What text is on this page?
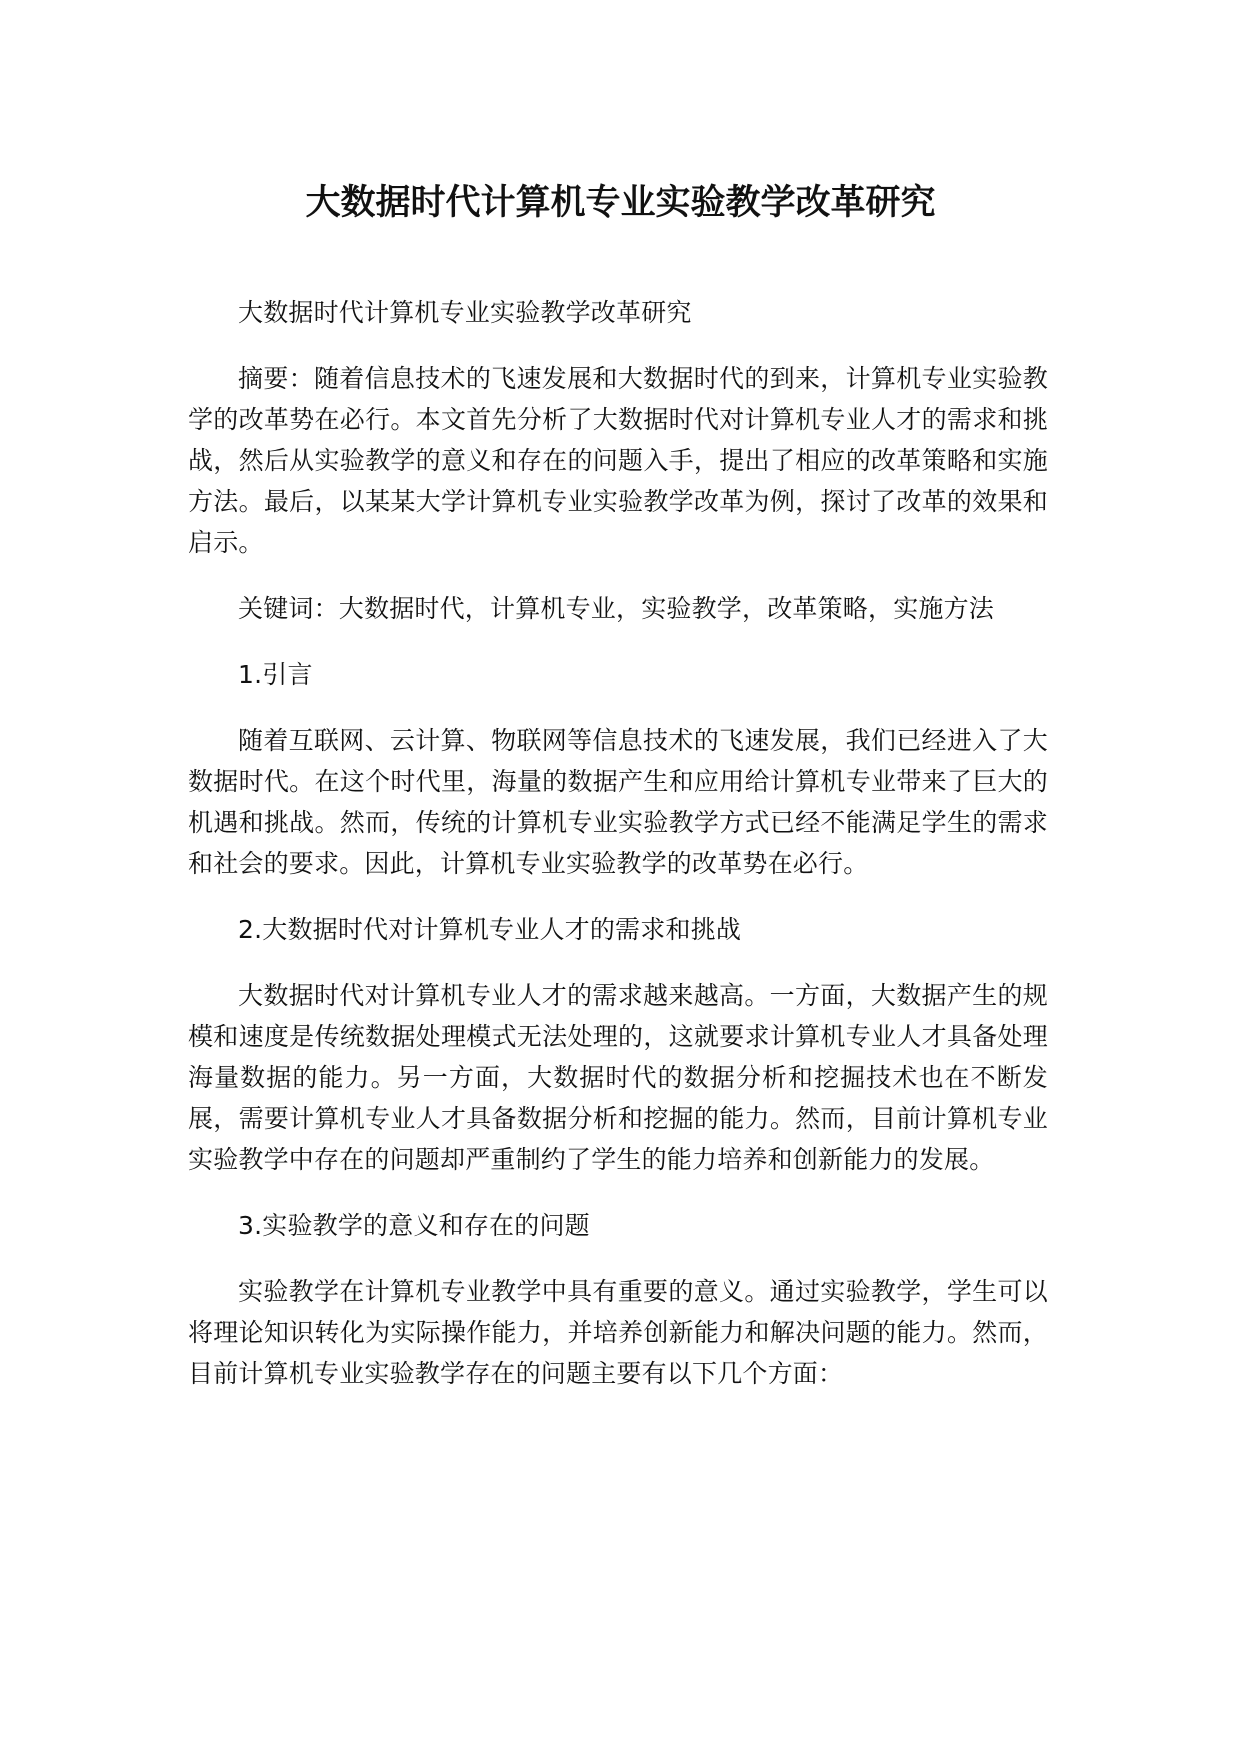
大数据时代计算机专业实验教学改革研究

大数据时代计算机专业实验教学改革研究

摘要：随着信息技术的飞速发展和大数据时代的到来，计算机专业实验教学的改革势在必行。本文首先分析了大数据时代对计算机专业人才的需求和挑战，然后从实验教学的意义和存在的问题入手，提出了相应的改革策略和实施方法。最后，以某某大学计算机专业实验教学改革为例，探讨了改革的效果和启示。

关键词：大数据时代，计算机专业，实验教学，改革策略，实施方法

1.引言

随着互联网、云计算、物联网等信息技术的飞速发展，我们已经进入了大数据时代。在这个时代里，海量的数据产生和应用给计算机专业带来了巨大的机遇和挑战。然而，传统的计算机专业实验教学方式已经不能满足学生的需求和社会的要求。因此，计算机专业实验教学的改革势在必行。

2.大数据时代对计算机专业人才的需求和挑战

大数据时代对计算机专业人才的需求越来越高。一方面，大数据产生的规模和速度是传统数据处理模式无法处理的，这就要求计算机专业人才具备处理海量数据的能力。另一方面，大数据时代的数据分析和挖掘技术也在不断发展，需要计算机专业人才具备数据分析和挖掘的能力。然而，目前计算机专业实验教学中存在的问题却严重制约了学生的能力培养和创新能力的发展。

3.实验教学的意义和存在的问题

实验教学在计算机专业教学中具有重要的意义。通过实验教学，学生可以将理论知识转化为实际操作能力，并培养创新能力和解决问题的能力。然而，目前计算机专业实验教学存在的问题主要有以下几个方面：
